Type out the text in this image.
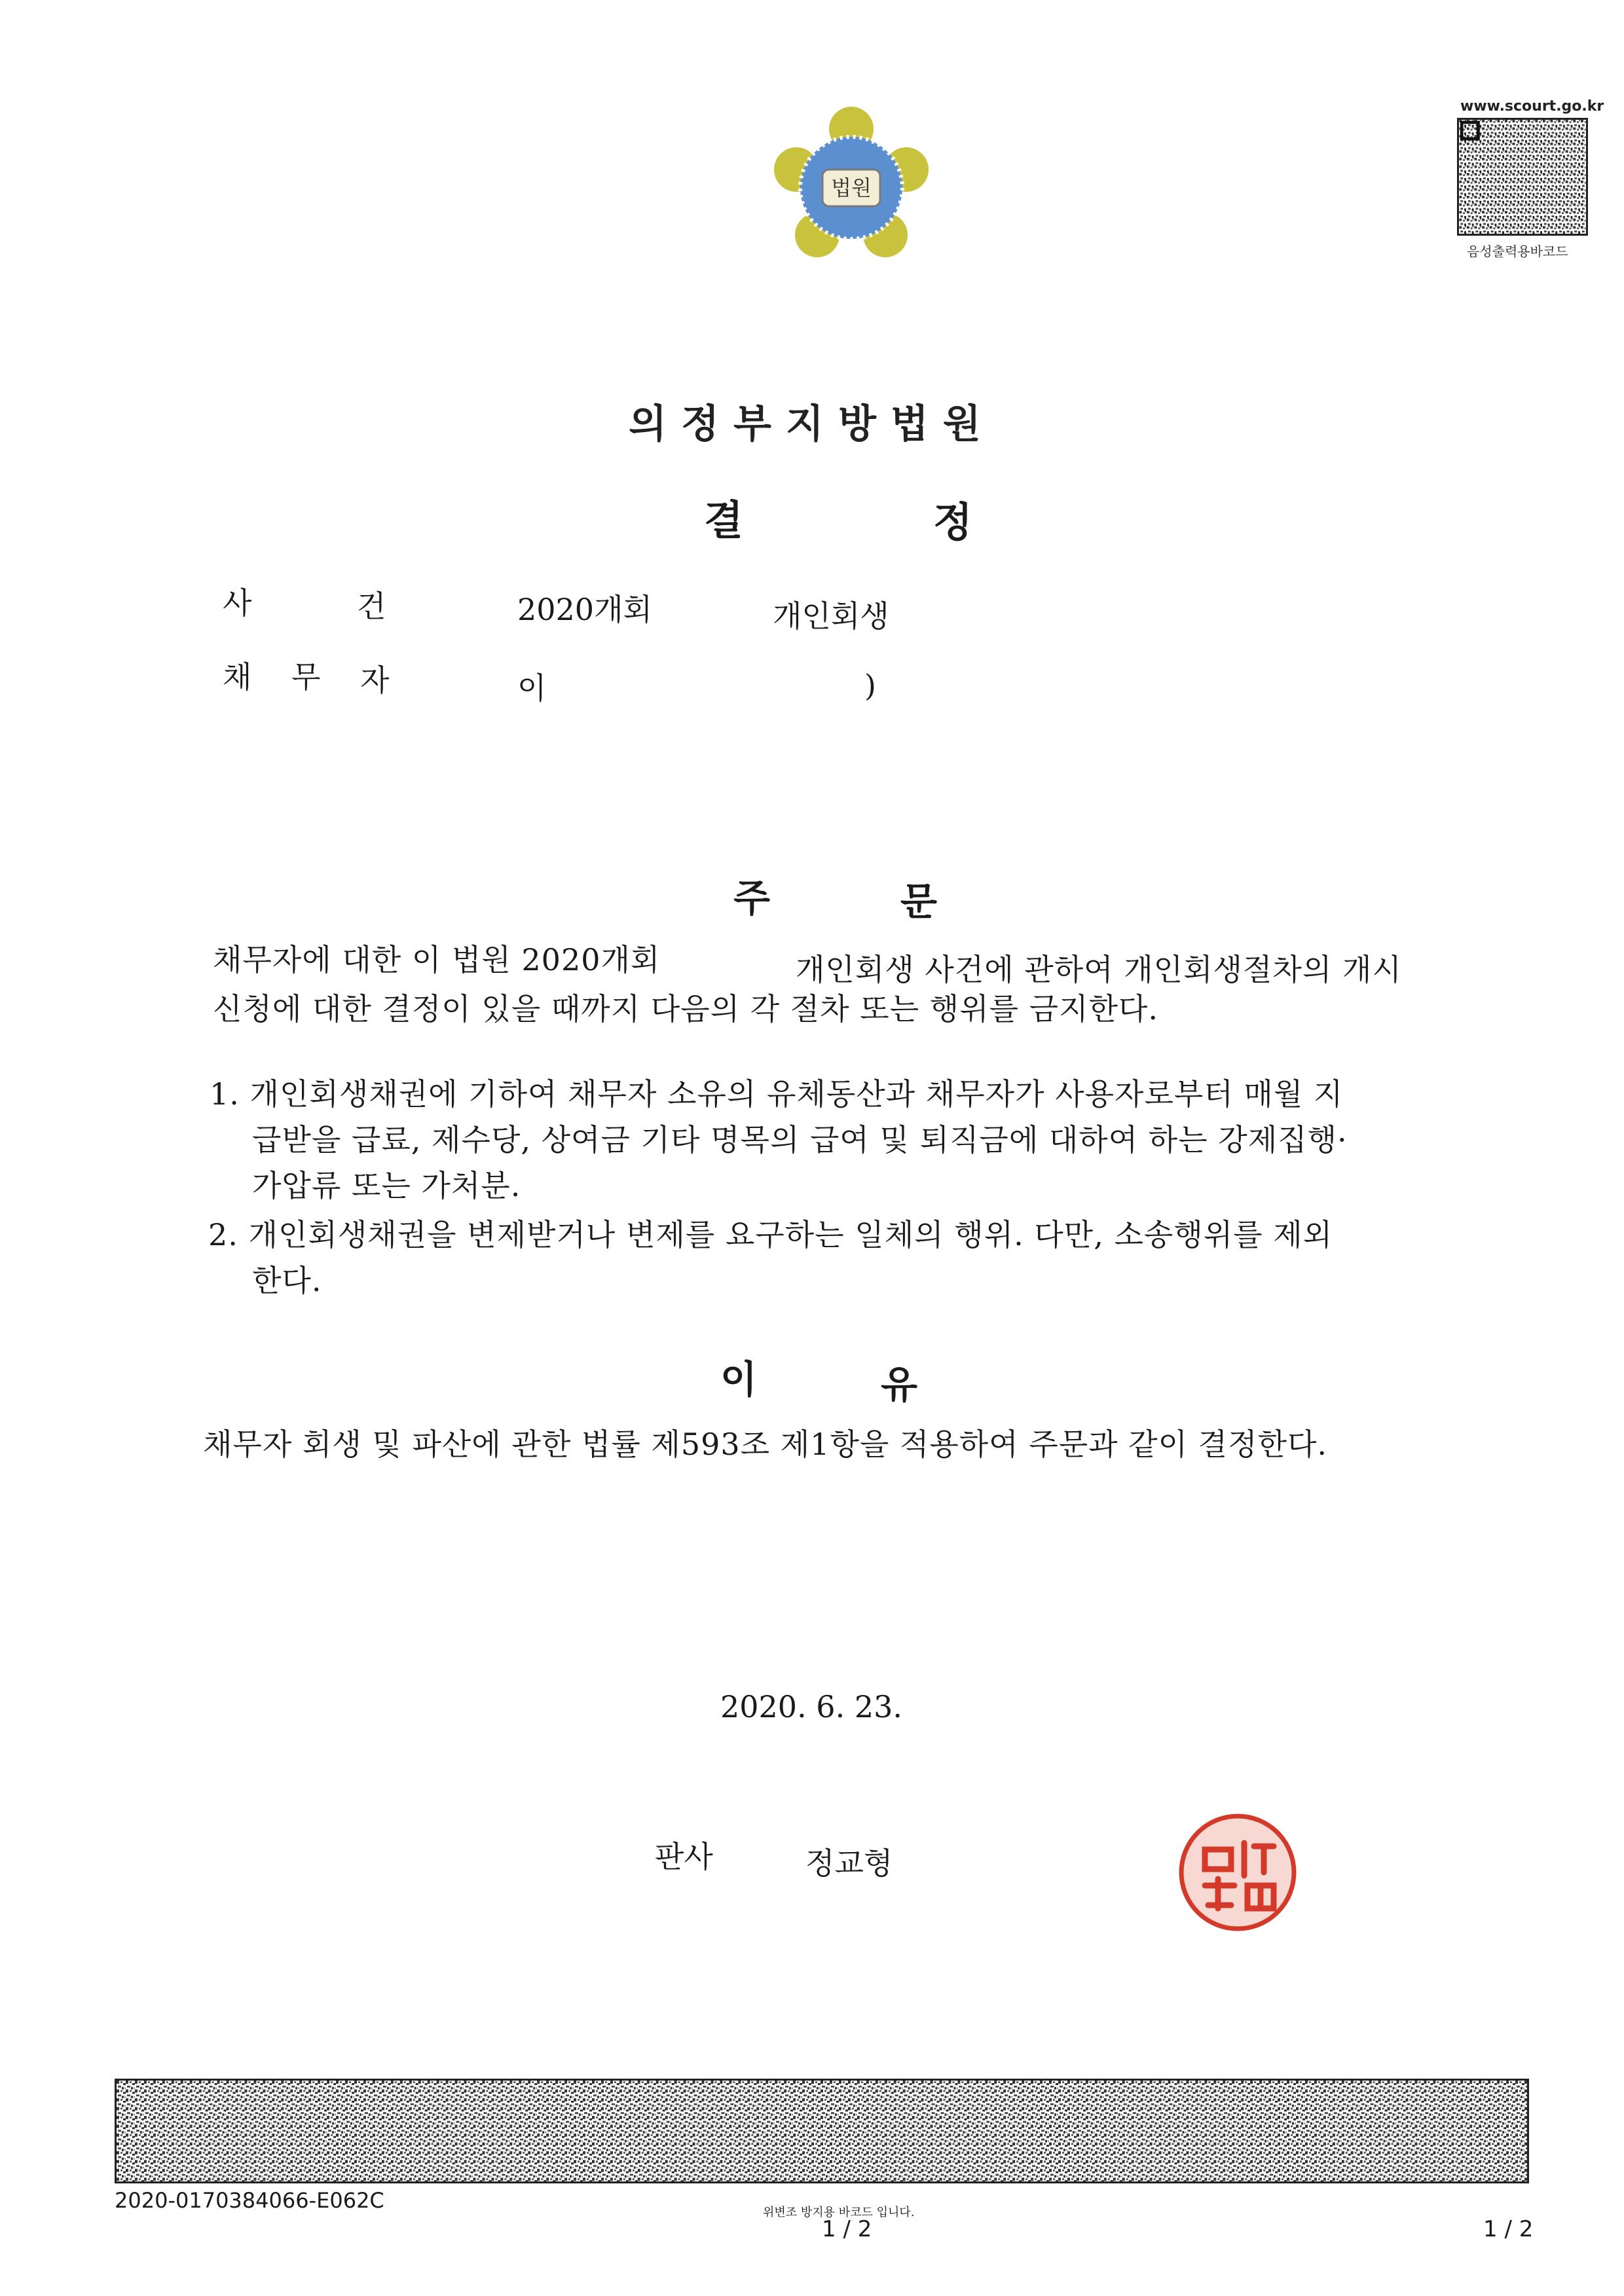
법원
www.scourt.go.kr
음성출력용바코드
의정부지방법원
결	정
사	건	2020개회	개인회생
채 무 자	이	)
주	문
채무자에 대한 이 법원 2020개회	개인회생 사건에 관하여 개인회생절차의 개시
신청에 대한 결정이 있을 때까지 다음의 각 절차 또는 행위를 금지한다.
1. 개인회생채권에 기하여 채무자 소유의 유체동산과 채무자가 사용자로부터 매월 지
급받을 급료, 제수당, 상여금 기타 명목의 급여 및 퇴직금에 대하여 하는 강제집행·
가압류 또는 가처분.
2. 개인회생채권을 변제받거나 변제를 요구하는 일체의 행위. 다만, 소송행위를 제외
한다.
이	유
채무자 회생 및 파산에 관한 법률 제593조 제1항을 적용하여 주문과 같이 결정한다.
2020. 6. 23.
판사	정교형
2020-0170384066-E062C	위변조 방지용 바코드 입니다.
1 / 2	1 / 2
